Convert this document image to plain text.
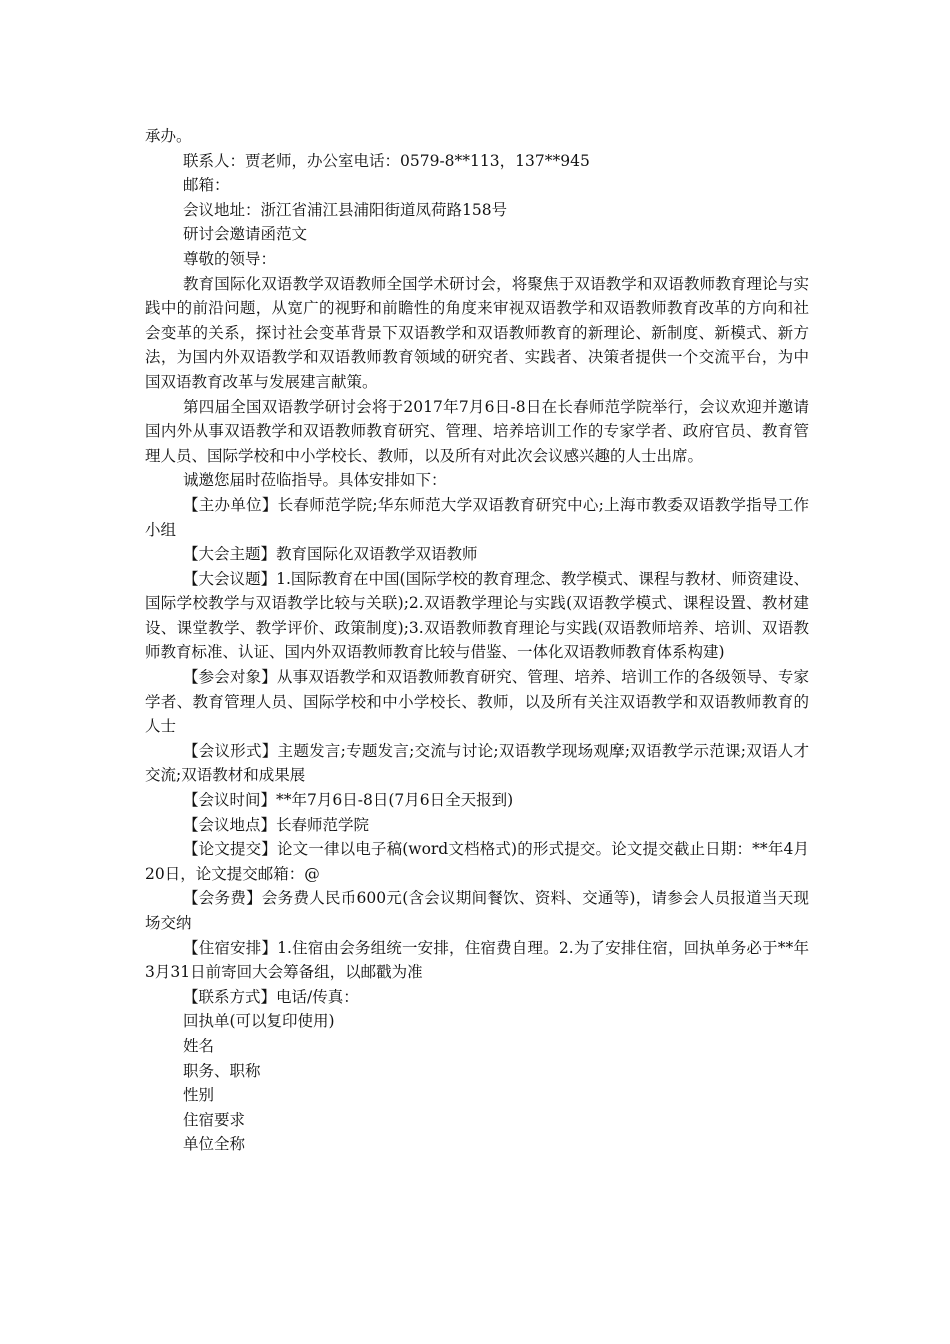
承办。

联系人：贾老师，办公室电话：0579-8**113，137**945

邮箱：

会议地址：浙江省浦江县浦阳街道凤荷路158号

研讨会邀请函范文

尊敬的领导：

教育国际化双语教学双语教师全国学术研讨会，将聚焦于双语教学和双语教师教育理论与实践中的前沿问题，从宽广的视野和前瞻性的角度来审视双语教学和双语教师教育改革的方向和社会变革的关系，探讨社会变革背景下双语教学和双语教师教育的新理论、新制度、新模式、新方法，为国内外双语教学和双语教师教育领域的研究者、实践者、决策者提供一个交流平台，为中国双语教育改革与发展建言献策。

第四届全国双语教学研讨会将于2017年7月6日-8日在长春师范学院举行，会议欢迎并邀请国内外从事双语教学和双语教师教育研究、管理、培养培训工作的专家学者、政府官员、教育管理人员、国际学校和中小学校长、教师，以及所有对此次会议感兴趣的人士出席。

诚邀您届时莅临指导。具体安排如下：

【主办单位】长春师范学院;华东师范大学双语教育研究中心;上海市教委双语教学指导工作小组

【大会主题】教育国际化双语教学双语教师

【大会议题】1.国际教育在中国(国际学校的教育理念、教学模式、课程与教材、师资建设、国际学校教学与双语教学比较与关联);2.双语教学理论与实践(双语教学模式、课程设置、教材建设、课堂教学、教学评价、政策制度);3.双语教师教育理论与实践(双语教师培养、培训、双语教师教育标准、认证、国内外双语教师教育比较与借鉴、一体化双语教师教育体系构建)

【参会对象】从事双语教学和双语教师教育研究、管理、培养、培训工作的各级领导、专家学者、教育管理人员、国际学校和中小学校长、教师，以及所有关注双语教学和双语教师教育的人士

【会议形式】主题发言;专题发言;交流与讨论;双语教学现场观摩;双语教学示范课;双语人才交流;双语教材和成果展

【会议时间】**年7月6日-8日(7月6日全天报到)

【会议地点】长春师范学院

【论文提交】论文一律以电子稿(word文档格式)的形式提交。论文提交截止日期：**年4月20日，论文提交邮箱：@

【会务费】会务费人民币600元(含会议期间餐饮、资料、交通等)，请参会人员报道当天现场交纳

【住宿安排】1.住宿由会务组统一安排，住宿费自理。2.为了安排住宿，回执单务必于**年3月31日前寄回大会筹备组，以邮戳为准

【联系方式】电话/传真：

回执单(可以复印使用)

姓名

职务、职称

性别

住宿要求

单位全称
